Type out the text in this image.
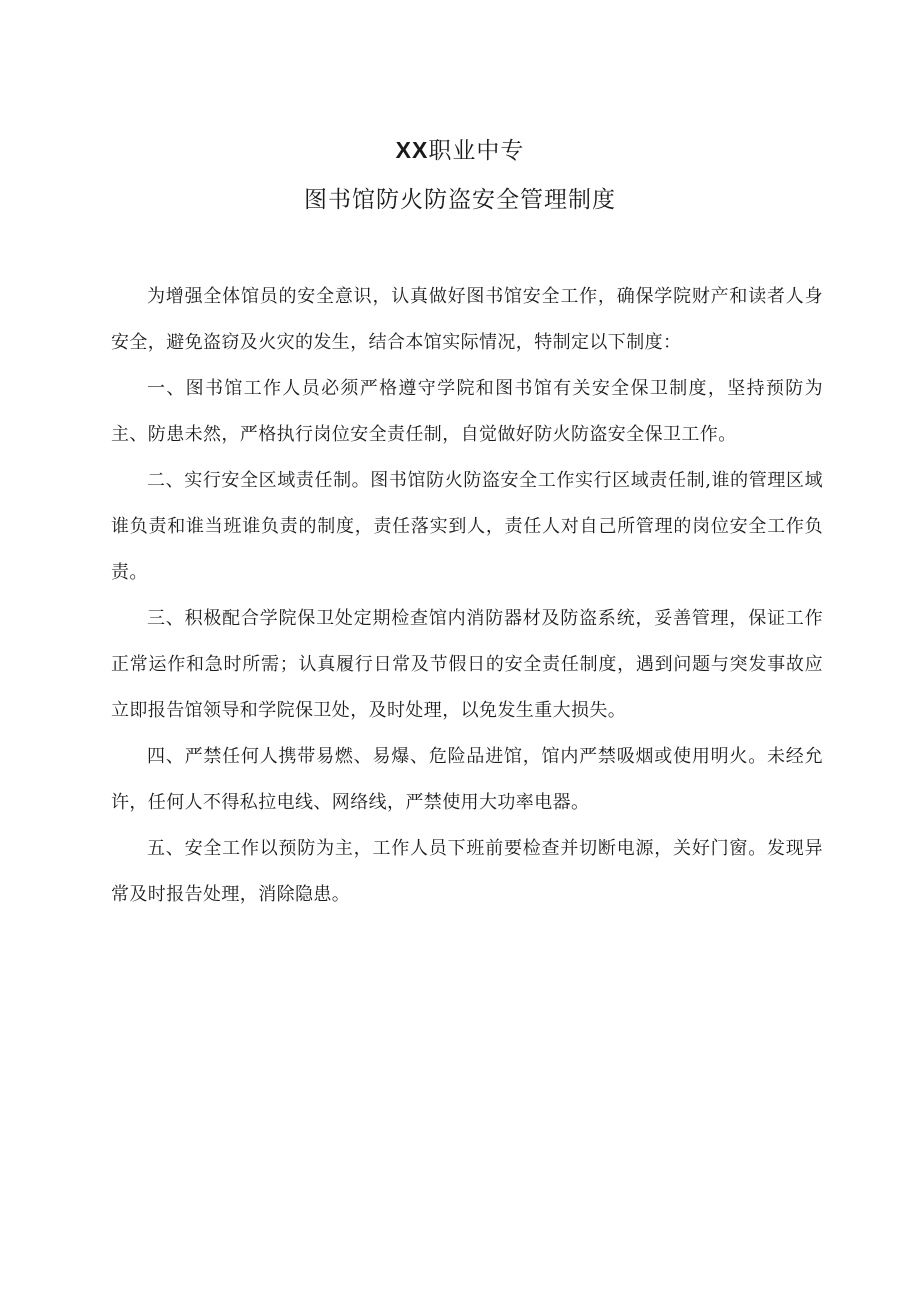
XX职业中专
图书馆防火防盗安全管理制度

为增强全体馆员的安全意识，认真做好图书馆安全工作，确保学院财产和读者人身安全，避免盗窃及火灾的发生，结合本馆实际情况，特制定以下制度：

一、图书馆工作人员必须严格遵守学院和图书馆有关安全保卫制度，坚持预防为主、防患未然，严格执行岗位安全责任制，自觉做好防火防盗安全保卫工作。

二、实行安全区域责任制。图书馆防火防盗安全工作实行区域责任制,谁的管理区域谁负责和谁当班谁负责的制度，责任落实到人，责任人对自己所管理的岗位安全工作负责。

三、积极配合学院保卫处定期检查馆内消防器材及防盗系统，妥善管理，保证工作正常运作和急时所需；认真履行日常及节假日的安全责任制度，遇到问题与突发事故应立即报告馆领导和学院保卫处，及时处理，以免发生重大损失。

四、严禁任何人携带易燃、易爆、危险品进馆，馆内严禁吸烟或使用明火。未经允许，任何人不得私拉电线、网络线，严禁使用大功率电器。

五、安全工作以预防为主，工作人员下班前要检查并切断电源，关好门窗。发现异常及时报告处理，消除隐患。
